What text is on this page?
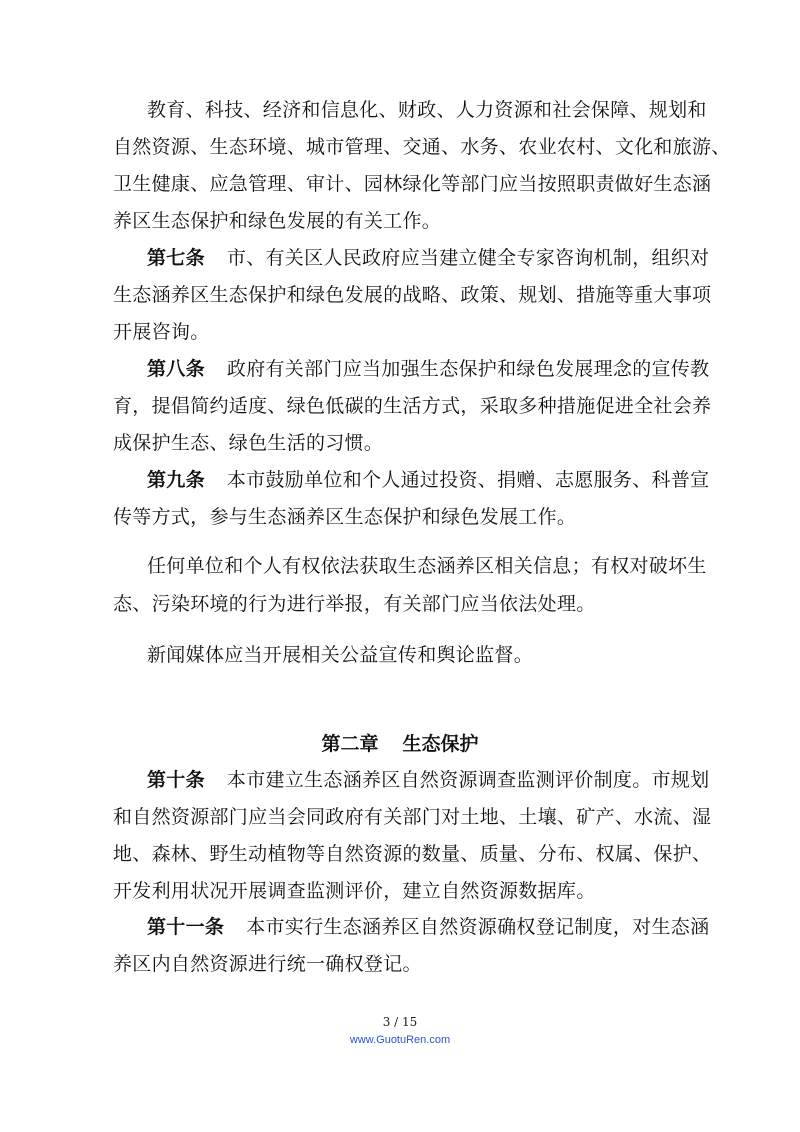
教育、科技、经济和信息化、财政、人力资源和社会保障、规划和
自然资源、生态环境、城市管理、交通、水务、农业农村、文化和旅游、
卫生健康、应急管理、审计、园林绿化等部门应当按照职责做好生态涵
养区生态保护和绿色发展的有关工作。
第七条 市、有关区人民政府应当建立健全专家咨询机制，组织对
生态涵养区生态保护和绿色发展的战略、政策、规划、措施等重大事项
开展咨询。
第八条 政府有关部门应当加强生态保护和绿色发展理念的宣传教
育，提倡简约适度、绿色低碳的生活方式，采取多种措施促进全社会养
成保护生态、绿色生活的习惯。
第九条 本市鼓励单位和个人通过投资、捐赠、志愿服务、科普宣
传等方式，参与生态涵养区生态保护和绿色发展工作。
任何单位和个人有权依法获取生态涵养区相关信息；有权对破坏生
态、污染环境的行为进行举报，有关部门应当依法处理。
新闻媒体应当开展相关公益宣传和舆论监督。
第二章 生态保护
第十条 本市建立生态涵养区自然资源调查监测评价制度。市规划
和自然资源部门应当会同政府有关部门对土地、土壤、矿产、水流、湿
地、森林、野生动植物等自然资源的数量、质量、分布、权属、保护、
开发利用状况开展调查监测评价，建立自然资源数据库。
第十一条 本市实行生态涵养区自然资源确权登记制度，对生态涵
养区内自然资源进行统一确权登记。
3 / 15
www.GuotuRen.com
